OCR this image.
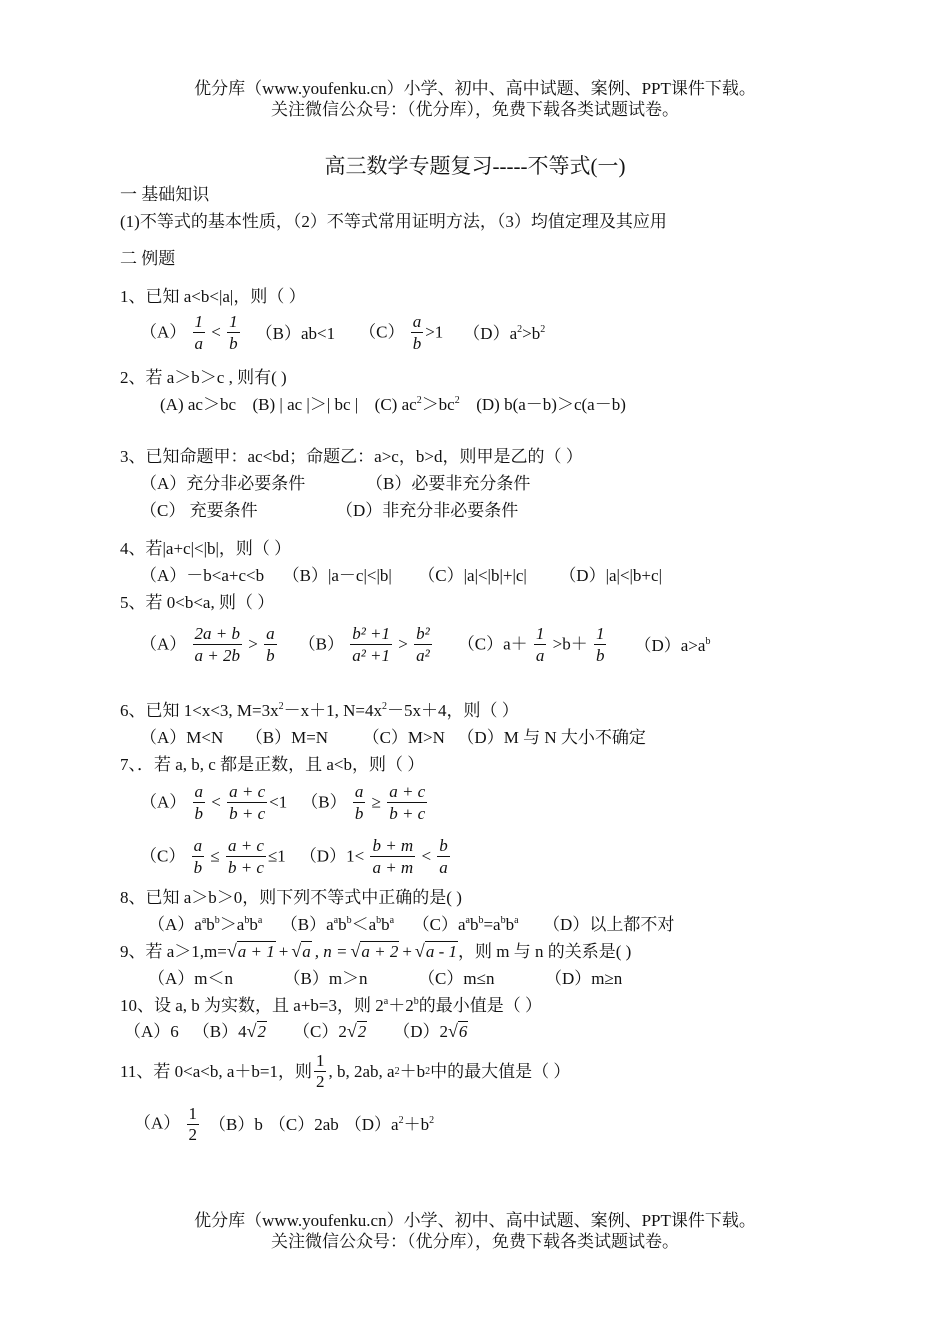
优分库（www.youfenku.cn）小学、初中、高中试题、案例、PPT课件下载。
关注微信公众号：（优分库），免费下载各类试题试卷。
高三数学专题复习-----不等式(一)
一 基础知识
(1)不等式的基本性质，（2）不等式常用证明方法，（3）均值定理及其应用
二 例题
1、已知 a<b<|a|，则（ ）
$(A) \frac{1}{a} < \frac{1}{b} (B)ab<1$ $(C) \frac{a}{b} >1$ $(D)a^2>b^2$
2、若 a＞b＞c , 则有( )
(A) ac＞bc (B) | ac |＞| bc | (C) $ac^2>bc^2$ (D) b(a－b)＞c(a－b)
3、已知命题甲：ac<bd；命题乙：a>c，b>d，则甲是乙的（ ）
（A）充分非必要条件	（B）必要非充分条件
（C） 充要条件	（D）非充分非必要条件
4、若|a+c|<|b|，则（ ）
（A）－b<a+c<b （B）|a－c|<|b| （C）|a|<|b|+|c| （D）|a|<|b+c|
5、若 0<b<a, 则（ ）
$(A) \frac{2a + b}{a + 2b} > \frac{a}{b} (B) \frac{\text{b² +1}}{\text{a² +1}} > \frac{\text{b²}}{\text{a²}} (C)a+ \frac{1}{a} >b+ \frac{1}{b} (D)a>a^b$
6、已知 1<x<3, $M=3x^2-x+1$, $N=4x^2-5x+4$，则（ ）
（A）M<N （B）M=N （C）M>N （D）M 与 N 大小不确定
7、．若 a, b, c 都是正数，且 a<b，则（ ）
$(A) \frac{a}{b} < \frac{a + c}{b + c} <1$ $(B) \frac{a}{b} \ge \frac{a + c}{b + c}$
$(C) \frac{a}{b} \le \frac{a + c}{b + c} \le 1$ $(D)1< \frac{b + m}{a + m} < \frac{b}{a}$
8、已知 a＞b＞0，则下列不等式中正确的是( )
$(A)a^ab^b>a^bb^a$ $(B)a^ab^b<a^bb^a$ $(C)a^ab^b=a^bb^a$ （D）以上都不对
9、若 a＞1,m= √a + 1 + √a , n = √a + 2 + √a - 1 ，则 m 与 n 的关系是( )
（A）m＜n	（B）m＞n	（C）m≤n	（D）m≥n
10、设 a, b 为实数，且 a+b=3，则 $2^a+2^b$的最小值是（ ）
（A）6 （B）4√2 （C）2√2 （D）2√6
11、若 0<a<b, a＋b=1，则 $\frac{1}{2}$ , b, 2ab, a 2 ＋b 2 中的最大值是（ ）
$(A) \frac{1}{2} (B)b$ （C）2ab $(D)a^2+b^2$
优分库（www.youfenku.cn）小学、初中、高中试题、案例、PPT课件下载。
关注微信公众号：（优分库），免费下载各类试题试卷。
